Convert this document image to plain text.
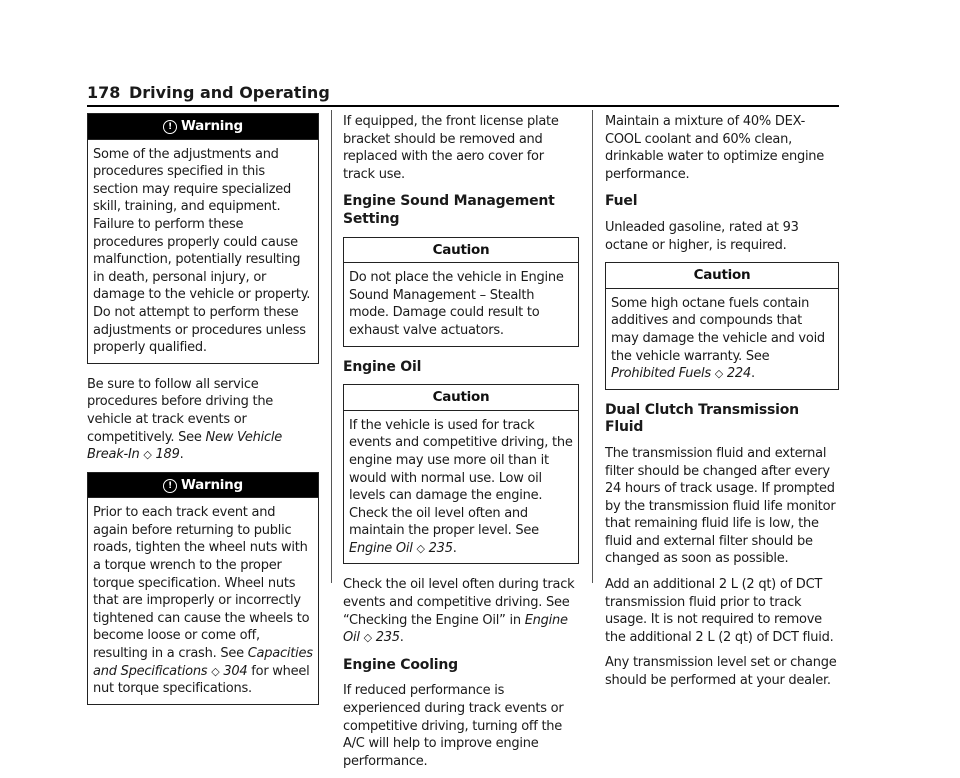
178 Driving and Operating
! Warning
Some of the adjustments and procedures specified in this section may require specialized skill, training, and equipment. Failure to perform these procedures properly could cause malfunction, potentially resulting in death, personal injury, or damage to the vehicle or property. Do not attempt to perform these adjustments or procedures unless properly qualified.

Be sure to follow all service procedures before driving the vehicle at track events or competitively. See New Vehicle Break-In ◇ 189.

! Warning
Prior to each track event and again before returning to public roads, tighten the wheel nuts with a torque wrench to the proper torque specification. Wheel nuts that are improperly or incorrectly tightened can cause the wheels to become loose or come off, resulting in a crash. See Capacities and Specifications ◇ 304 for wheel nut torque specifications.

If equipped, the front license plate bracket should be removed and replaced with the aero cover for track use.

Engine Sound Management Setting
Caution
Do not place the vehicle in Engine Sound Management – Stealth mode. Damage could result to exhaust valve actuators.
Engine Oil
Caution
If the vehicle is used for track events and competitive driving, the engine may use more oil than it would with normal use. Low oil levels can damage the engine. Check the oil level often and maintain the proper level. See Engine Oil ◇ 235.

Check the oil level often during track events and competitive driving. See “Checking the Engine Oil” in Engine Oil ◇ 235.

Engine Cooling

If reduced performance is experienced during track events or competitive driving, turning off the A/C will help to improve engine performance.

Maintain a mixture of 40% DEX-COOL coolant and 60% clean, drinkable water to optimize engine performance.

Fuel

Unleaded gasoline, rated at 93 octane or higher, is required.

Caution
Some high octane fuels contain additives and compounds that may damage the vehicle and void the vehicle warranty. See Prohibited Fuels ◇ 224.
Dual Clutch Transmission Fluid

The transmission fluid and external filter should be changed after every 24 hours of track usage. If prompted by the transmission fluid life monitor that remaining fluid life is low, the fluid and external filter should be changed as soon as possible.

Add an additional 2 L (2 qt) of DCT transmission fluid prior to track usage. It is not required to remove the additional 2 L (2 qt) of DCT fluid.

Any transmission level set or change should be performed at your dealer.
